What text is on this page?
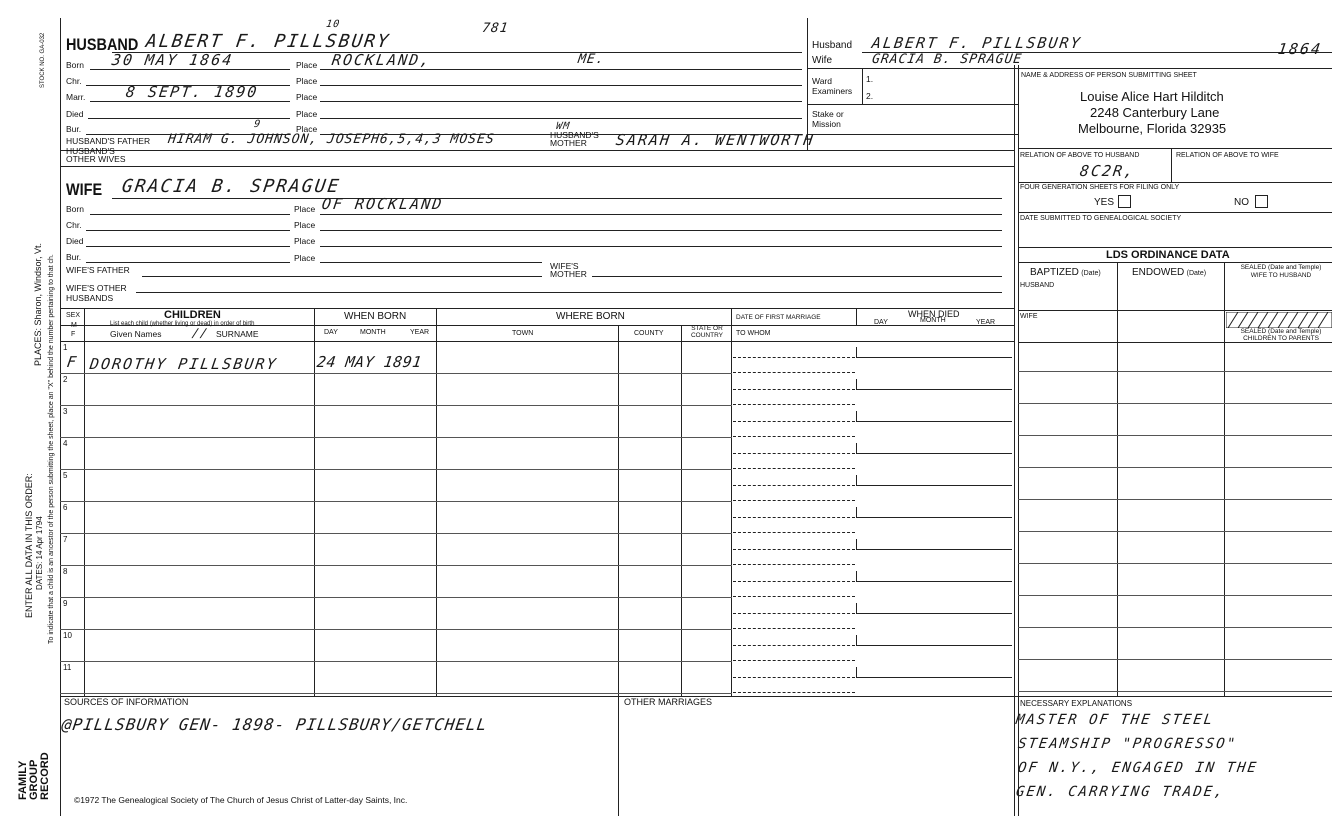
STOCK NO. GA-032
PLACES: Sharon, Windsor, Vt.
DATES: 14 Apr 1794
ENTER ALL DATA IN THIS ORDER: To indicate that a child is an ancestor of the person submitting the sheet, place an "X" behind the number pertaining to that ch.
FAMILY GROUP RECORD
HUSBAND ALBERT F. PILLSBURY
10	781
Born 30 MAY 1864	Place ROCKLAND,	ME.
Chr.	Place
Marr.	8 SEPT. 1890	Place
Died	Place
Bur.	Place
9
HUSBAND'S FATHER HIRAM G. JOHNSON, JOSEPH6,5,4,3 MOSES
WM
HUSBAND'S MOTHER	SARAH A. WENTWORTH
HUSBAND'S OTHER WIVES
Husband ALBERT F. PILLSBURY	1864
Wife	GRACIA B. SPRAGUE
Ward
Examiners
1.
2.
Stake or Mission
NAME & ADDRESS OF PERSON SUBMITTING SHEET
Louise Alice Hart Hilditch
2248 Canterbury Lane
Melbourne, Florida 32935
RELATION OF ABOVE TO HUSBAND
8C2R,
RELATION OF ABOVE TO WIFE
FOUR GENERATION SHEETS FOR FILING ONLY
YES	NO
DATE SUBMITTED TO GENEALOGICAL SOCIETY
LDS ORDINANCE DATA
BAPTIZED (Date)	ENDOWED (Date)
SEALED (Date and Temple) WIFE TO HUSBAND
HUSBAND
WIFE
SEALED (Date and Temple) CHILDREN TO PARENTS
WIFE GRACIA B. SPRAGUE
Born	Place OF ROCKLAND
Chr.	Place
Died	Place
Bur.	Place
WIFE'S FATHER	WIFE'S MOTHER
WIFE'S OTHER HUSBANDS
SEX
M
F
CHILDREN
List each child (whether living or dead) in order of birth
Given Names // SURNAME
WHEN BORN
DAY	MONTH	YEAR
WHERE BORN
TOWN	COUNTY
STATE OR COUNTRY
DATE OF FIRST MARRIAGE
TO WHOM
WHEN DIED
DAY	MONTH	YEAR
1
F DOROTHY PILLSBURY 24 MAY 1891
2
3
4
5
6
7
8
9
10
11
SOURCES OF INFORMATION
@PILLSBURY GEN- 1898- PILLSBURY/GETCHELL
OTHER MARRIAGES	NECESSARY EXPLANATIONS
MASTER OF THE STEEL
STEAMSHIP "PROGRESSO"
OF N.Y., ENGAGED IN THE
GEN. CARRYING TRADE,
©1972 The Genealogical Society of The Church of Jesus Christ of Latter-day Saints, Inc.
